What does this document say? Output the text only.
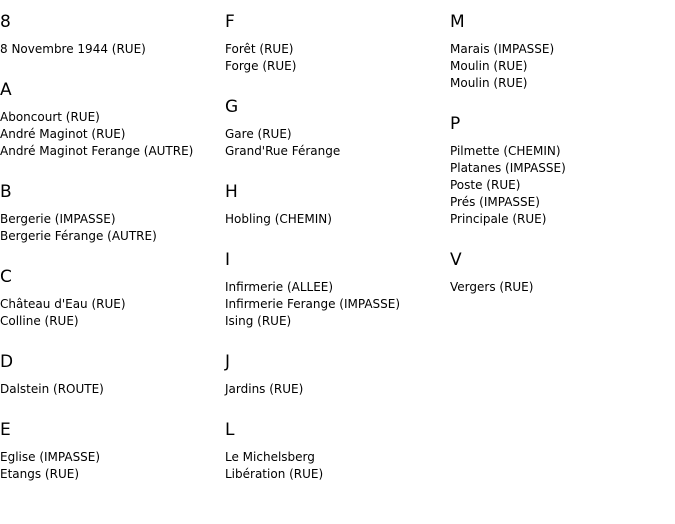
8
8 Novembre 1944 (RUE)
A
Aboncourt (RUE)
André Maginot (RUE)
André Maginot Ferange (AUTRE)
B
Bergerie (IMPASSE)
Bergerie Férange (AUTRE)
C
Château d'Eau (RUE)
Colline (RUE)
D
Dalstein (ROUTE)
E
Eglise (IMPASSE)
Etangs (RUE)
F
Forêt (RUE)
Forge (RUE)
G
Gare (RUE)
Grand'Rue Férange
H
Hobling (CHEMIN)
I
Infirmerie (ALLEE)
Infirmerie Ferange (IMPASSE)
Ising (RUE)
J
Jardins (RUE)
L
Le Michelsberg
Libération (RUE)
M
Marais (IMPASSE)
Moulin (RUE)
Moulin (RUE)
P
Pilmette (CHEMIN)
Platanes (IMPASSE)
Poste (RUE)
Prés (IMPASSE)
Principale (RUE)
V
Vergers (RUE)
